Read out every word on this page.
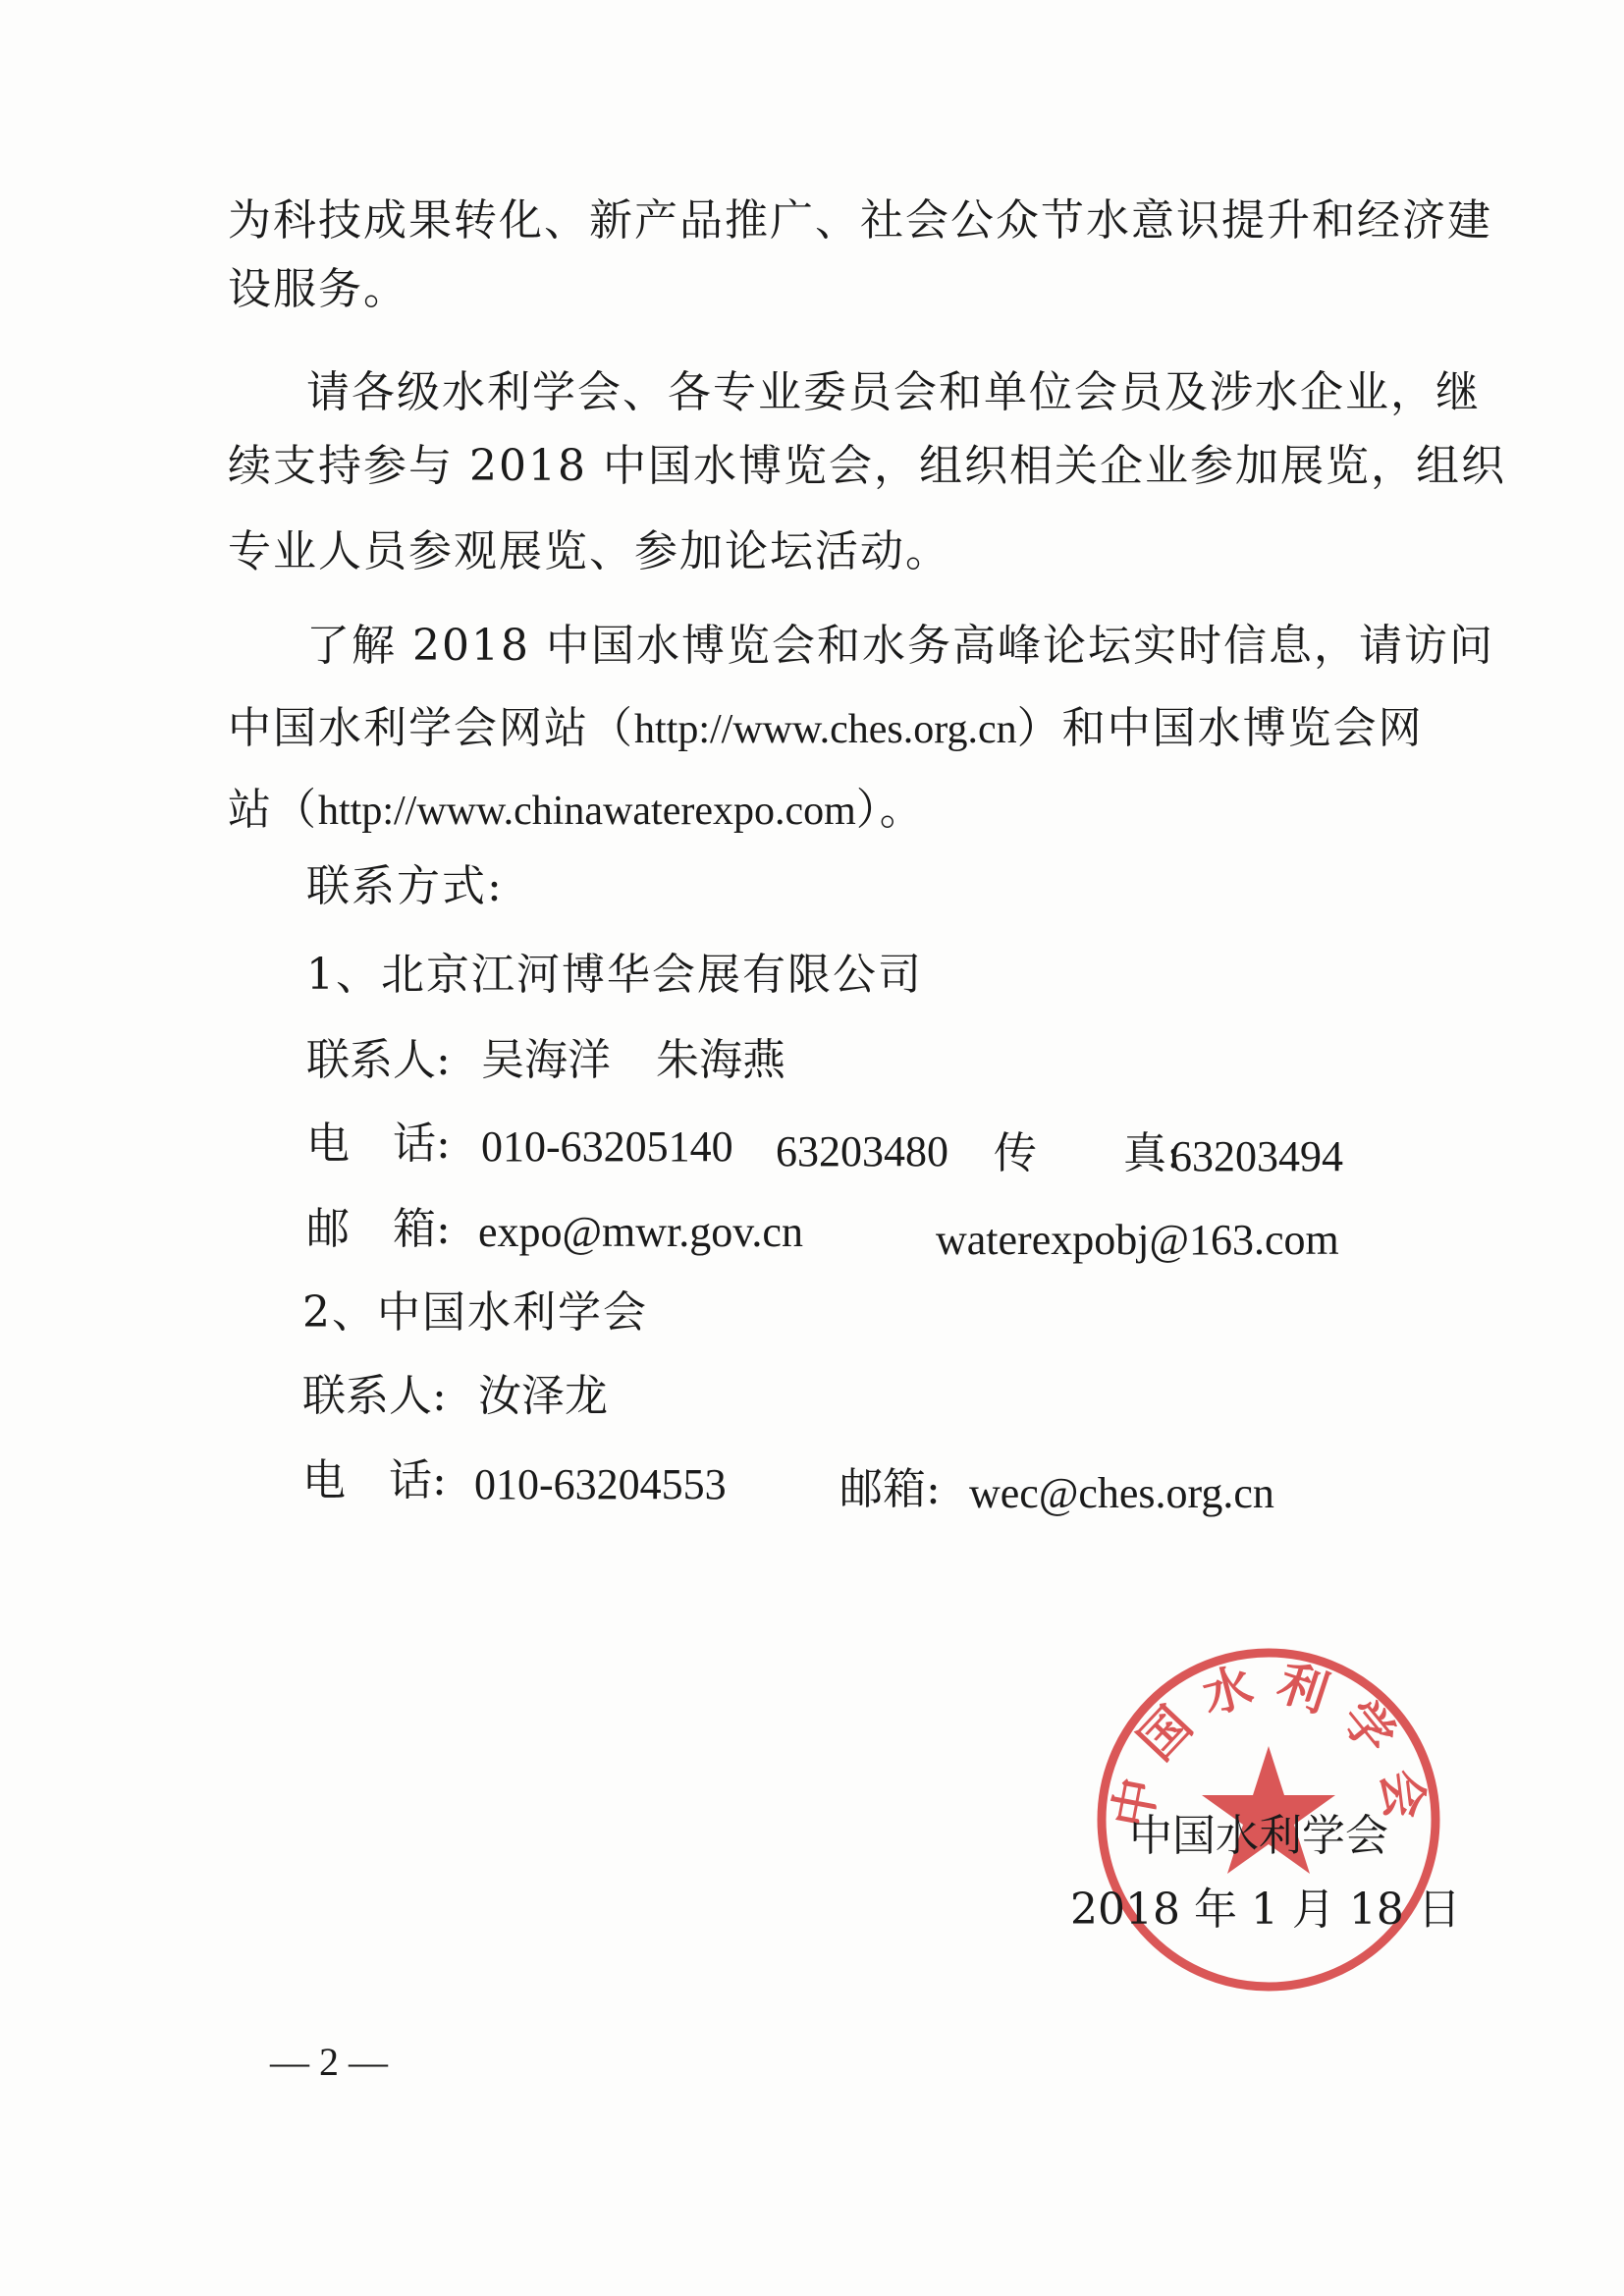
为科技成果转化、新产品推广、社会公众节水意识提升和经济建

设服务。

请各级水利学会、各专业委员会和单位会员及涉水企业，继

续支持参与 2018 中国水博览会，组织相关企业参加展览，组织

专业人员参观展览、参加论坛活动。

了解 2018 中国水博览会和水务高峰论坛实时信息，请访问

中国水利学会网站（http://www.ches.org.cn）和中国水博览会网

站（http://www.chinawaterexpo.com）。

联系方式:

1、北京江河博华会展有限公司

联系人: 吴海洋 朱海燕
电　话: 010-63205140 63203480 传　　真:
63203494
邮　箱: expo@mwr.gov.cn	waterexpobj@163.com

2、中国水利学会

联系人: 汝泽龙
电　话: 010-63204553	邮箱: wec@ches.org.cn
中国水利学会
中国水利学会
2018 年 1 月 18 日
— 2 —
